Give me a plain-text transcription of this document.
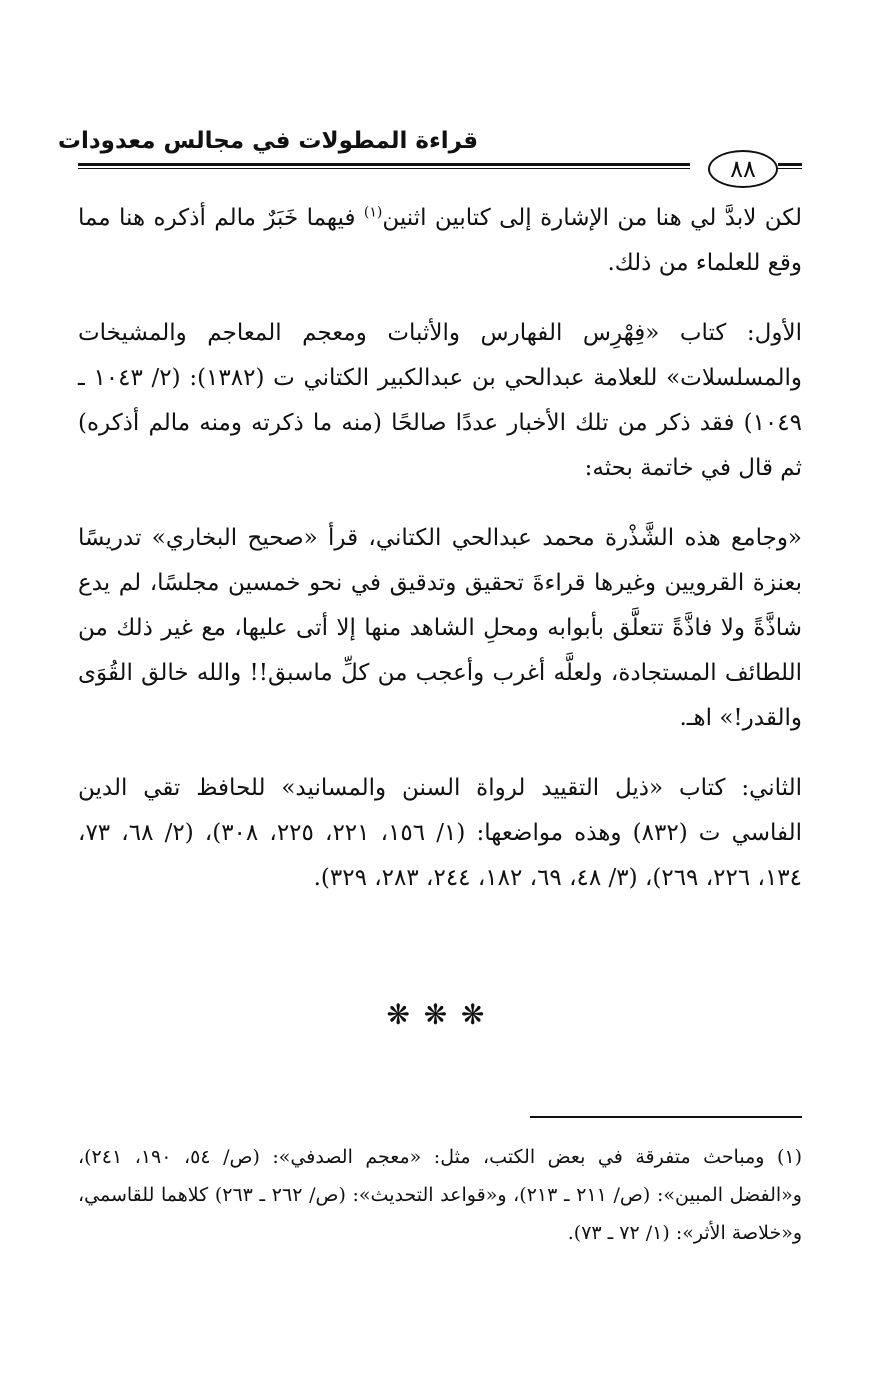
قراءة المطولات في مجالس معدودات
٨٨

لكن لابدَّ لي هنا من الإشارة إلى كتابين اثنين$^{(١)}$ فيهما خَبَرٌ مالم أذكره هنا مما وقع للعلماء من ذلك.

الأول: كتاب «فِهْرِس الفهارس والأثبات ومعجم المعاجم والمشيخات والمسلسلات» للعلامة عبدالحي بن عبدالكبير الكتاني ت (١٣٨٢): (٢/ ١٠٤٣ ـ ١٠٤٩) فقد ذكر من تلك الأخبار عددًا صالحًا (منه ما ذكرته ومنه مالم أذكره) ثم قال في خاتمة بحثه:

«وجامع هذه الشَّذْرة محمد عبدالحي الكتاني، قرأ «صحيح البخاري» تدريسًا بعنزة القرويين وغيرها قراءةَ تحقيق وتدقيق في نحو خمسين مجلسًا، لم يدع شاذَّةً ولا فاذَّةً تتعلَّق بأبوابه ومحلِ الشاهد منها إلا أتى عليها، مع غير ذلك من اللطائف المستجادة، ولعلَّه أغرب وأعجب من كلِّ ماسبق!! والله خالق القُوَى والقدر!» اهـ.

الثاني: كتاب «ذيل التقييد لرواة السنن والمسانيد» للحافظ تقي الدين الفاسي ت (٨٣٢) وهذه مواضعها: (١/ ١٥٦، ٢٢١، ٢٢٥، ٣٠٨)، (٢/ ٦٨، ٧٣، ١٣٤، ٢٢٦، ٢٦٩)، (٣/ ٤٨، ٦٩، ١٨٢، ٢٤٤، ٢٨٣، ٣٢٩).

❋ ❋ ❋

(١) ومباحث متفرقة في بعض الكتب، مثل: «معجم الصدفي»: (ص/ ٥٤، ١٩٠، ٢٤١)، و«الفضل المبين»: (ص/ ٢١١ ـ ٢١٣)، و«قواعد التحديث»: (ص/ ٢٦٢ ـ ٢٦٣) كلاهما للقاسمي، و«خلاصة الأثر»: (١/ ٧٢ ـ ٧٣).
